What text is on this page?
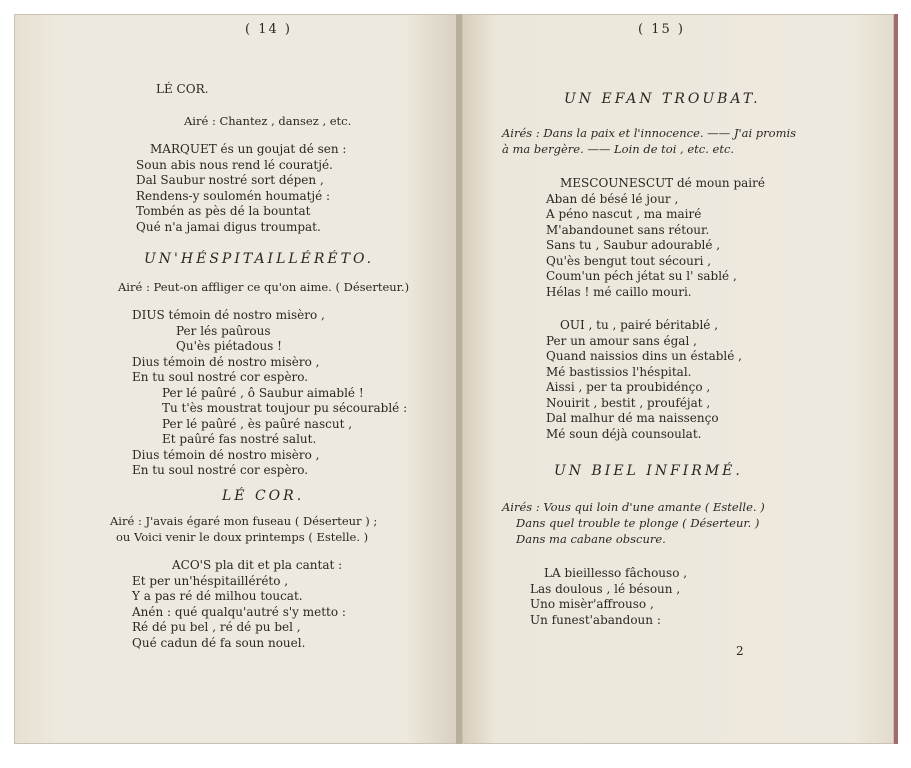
( 14 )
LÉ COR.
Airé : Chantez , dansez , etc.
MARQUET és un goujat dé sen :
Soun abis nous rend lé couratjé.
Dal Saubur nostré sort dépen ,
Rendens-y soulomén houmatjé :
Tombén as pès dé la bountat
Qué n'a jamai digus troumpat.
UN'HÉSPITAILLÉRÉTO.
Airé : Peut-on affliger ce qu'on aime. ( Déserteur.)
DIUS témoin dé nostro misèro ,
Per lés paûrous
Qu'ès piétadous !
Dius témoin dé nostro misèro ,
En tu soul nostré cor espèro.
Per lé paûré , ô Saubur aimablé !
Tu t'ès moustrat toujour pu sécourablé :
Per lé paûré , ès paûré nascut ,
Et paûré fas nostré salut.
Dius témoin dé nostro misèro ,
En tu soul nostré cor espèro.
LÉ COR.
Airé : J'avais égaré mon fuseau ( Déserteur ) ;
ou Voici venir le doux printemps ( Estelle. )
ACO'S pla dit et pla cantat :
Et per un'héspitailléréto ,
Y a pas ré dé milhou toucat.
Anén : qué qualqu'autré s'y metto :
Ré dé pu bel , ré dé pu bel ,
Qué cadun dé fa soun nouel.
( 15 )
UN EFAN TROUBAT.
Airés : Dans la paix et l'innocence. —— J'ai promis
à ma bergère. —— Loin de toi , etc. etc.
MESCOUNESCUT dé moun pairé
Aban dé bésé lé jour ,
A péno nascut , ma mairé
M'abandounet sans rétour.
Sans tu , Saubur adourablé ,
Qu'ès bengut tout sécouri ,
Coum'un péch jétat su l' sablé ,
Hélas ! mé caillo mouri.
OUI , tu , pairé béritablé ,
Per un amour sans égal ,
Quand naissios dins un éstablé ,
Mé bastissios l'héspital.
Aissi , per ta proubidénço ,
Nouirit , bestit , prouféjat ,
Dal malhur dé ma naissenço
Mé soun déjà counsoulat.
UN BIEL INFIRMÉ.
Airés : Vous qui loin d'une amante ( Estelle. )
Dans quel trouble te plonge ( Déserteur. )
Dans ma cabane obscure.
LA bieillesso fâchouso ,
Las doulous , lé bésoun ,
Uno misèr'affrouso ,
Un funest'abandoun :
2
